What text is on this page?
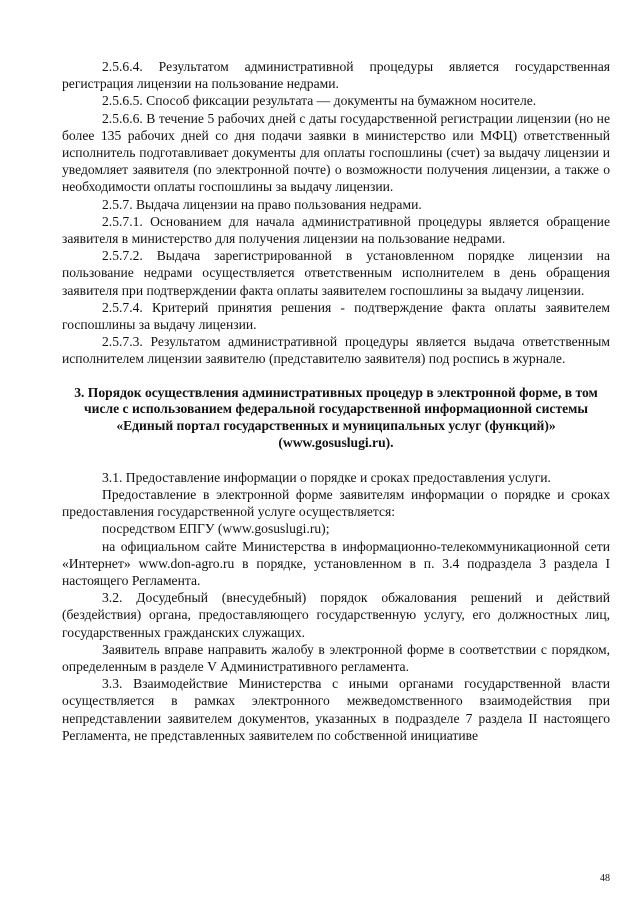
2.5.6.4. Результатом административной процедуры является государственная регистрация лицензии на пользование недрами.

2.5.6.5. Способ фиксации результата — документы на бумажном носителе.

2.5.6.6. В течение 5 рабочих дней с даты государственной регистрации лицензии (но не более 135 рабочих дней со дня подачи заявки в министерство или МФЦ) ответственный исполнитель подготавливает документы для оплаты госпошлины (счет) за выдачу лицензии и уведомляет заявителя (по электронной почте) о возможности получения лицензии, а также о необходимости оплаты госпошлины за выдачу лицензии.

2.5.7. Выдача лицензии на право пользования недрами.

2.5.7.1. Основанием для начала административной процедуры является обращение заявителя в министерство для получения лицензии на пользование недрами.

2.5.7.2. Выдача зарегистрированной в установленном порядке лицензии на пользование недрами осуществляется ответственным исполнителем в день обращения заявителя при подтверждении факта оплаты заявителем госпошлины за выдачу лицензии.

2.5.7.4. Критерий принятия решения - подтверждение факта оплаты заявителем госпошлины за выдачу лицензии.

2.5.7.3. Результатом административной процедуры является выдача ответственным исполнителем лицензии заявителю (представителю заявителя) под роспись в журнале.

3. Порядок осуществления административных процедур в электронной форме, в том числе с использованием федеральной государственной информационной системы «Единый портал государственных и муниципальных услуг (функций)» (www.gosuslugi.ru).

3.1. Предоставление информации о порядке и сроках предоставления услуги.

Предоставление в электронной форме заявителям информации о порядке и сроках предоставления государственной услуге осуществляется:

посредством ЕПГУ (www.gosuslugi.ru);

на официальном сайте Министерства в информационно-телекоммуникационной сети «Интернет» www.don-agro.ru в порядке, установленном в п. 3.4 подраздела 3 раздела I настоящего Регламента.

3.2. Досудебный (внесудебный) порядок обжалования решений и действий (бездействия) органа, предоставляющего государственную услугу, его должностных лиц, государственных гражданских служащих.

Заявитель вправе направить жалобу в электронной форме в соответствии с порядком, определенным в разделе V Административного регламента.

3.3. Взаимодействие Министерства с иными органами государственной власти осуществляется в рамках электронного межведомственного взаимодействия при непредставлении заявителем документов, указанных в подразделе 7 раздела II настоящего Регламента, не представленных заявителем по собственной инициативе

48
